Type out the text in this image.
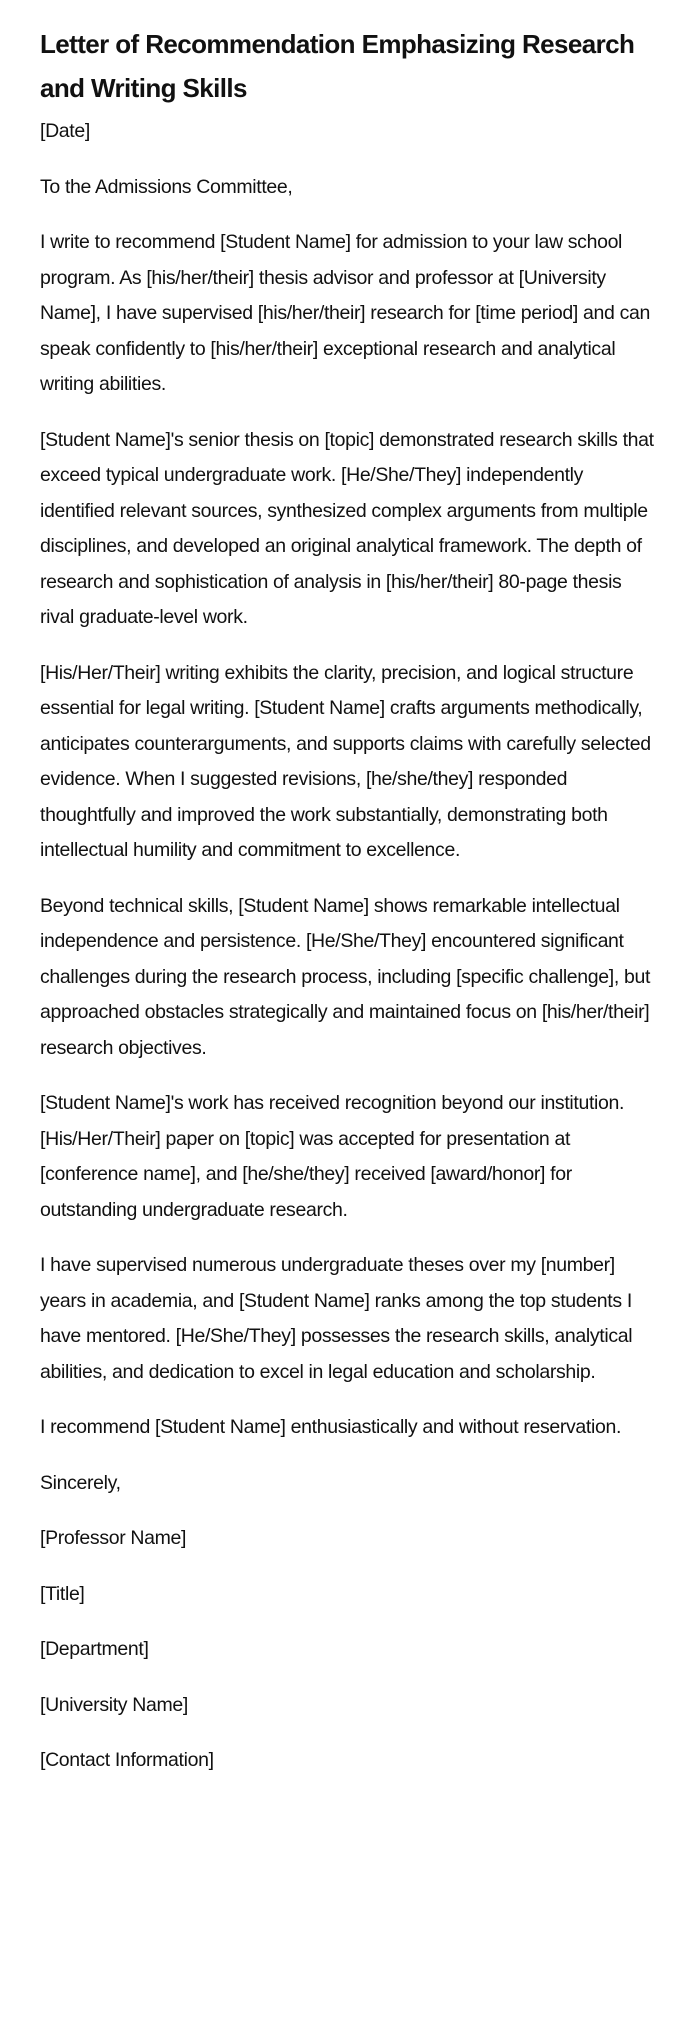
Letter of Recommendation Emphasizing Research and Writing Skills

[Date]

To the Admissions Committee,

I write to recommend [Student Name] for admission to your law school program. As [his/her/their] thesis advisor and professor at [University Name], I have supervised [his/her/their] research for [time period] and can speak confidently to [his/her/their] exceptional research and analytical writing abilities.

[Student Name]'s senior thesis on [topic] demonstrated research skills that exceed typical undergraduate work. [He/She/They] independently identified relevant sources, synthesized complex arguments from multiple disciplines, and developed an original analytical framework. The depth of research and sophistication of analysis in [his/her/their] 80-page thesis rival graduate-level work.

[His/Her/Their] writing exhibits the clarity, precision, and logical structure essential for legal writing. [Student Name] crafts arguments methodically, anticipates counterarguments, and supports claims with carefully selected evidence. When I suggested revisions, [he/she/they] responded thoughtfully and improved the work substantially, demonstrating both intellectual humility and commitment to excellence.

Beyond technical skills, [Student Name] shows remarkable intellectual independence and persistence. [He/She/They] encountered significant challenges during the research process, including [specific challenge], but approached obstacles strategically and maintained focus on [his/her/their] research objectives.

[Student Name]'s work has received recognition beyond our institution. [His/Her/Their] paper on [topic] was accepted for presentation at [conference name], and [he/she/they] received [award/honor] for outstanding undergraduate research.

I have supervised numerous undergraduate theses over my [number] years in academia, and [Student Name] ranks among the top students I have mentored. [He/She/They] possesses the research skills, analytical abilities, and dedication to excel in legal education and scholarship.

I recommend [Student Name] enthusiastically and without reservation.

Sincerely,

[Professor Name]

[Title]

[Department]

[University Name]

[Contact Information]
